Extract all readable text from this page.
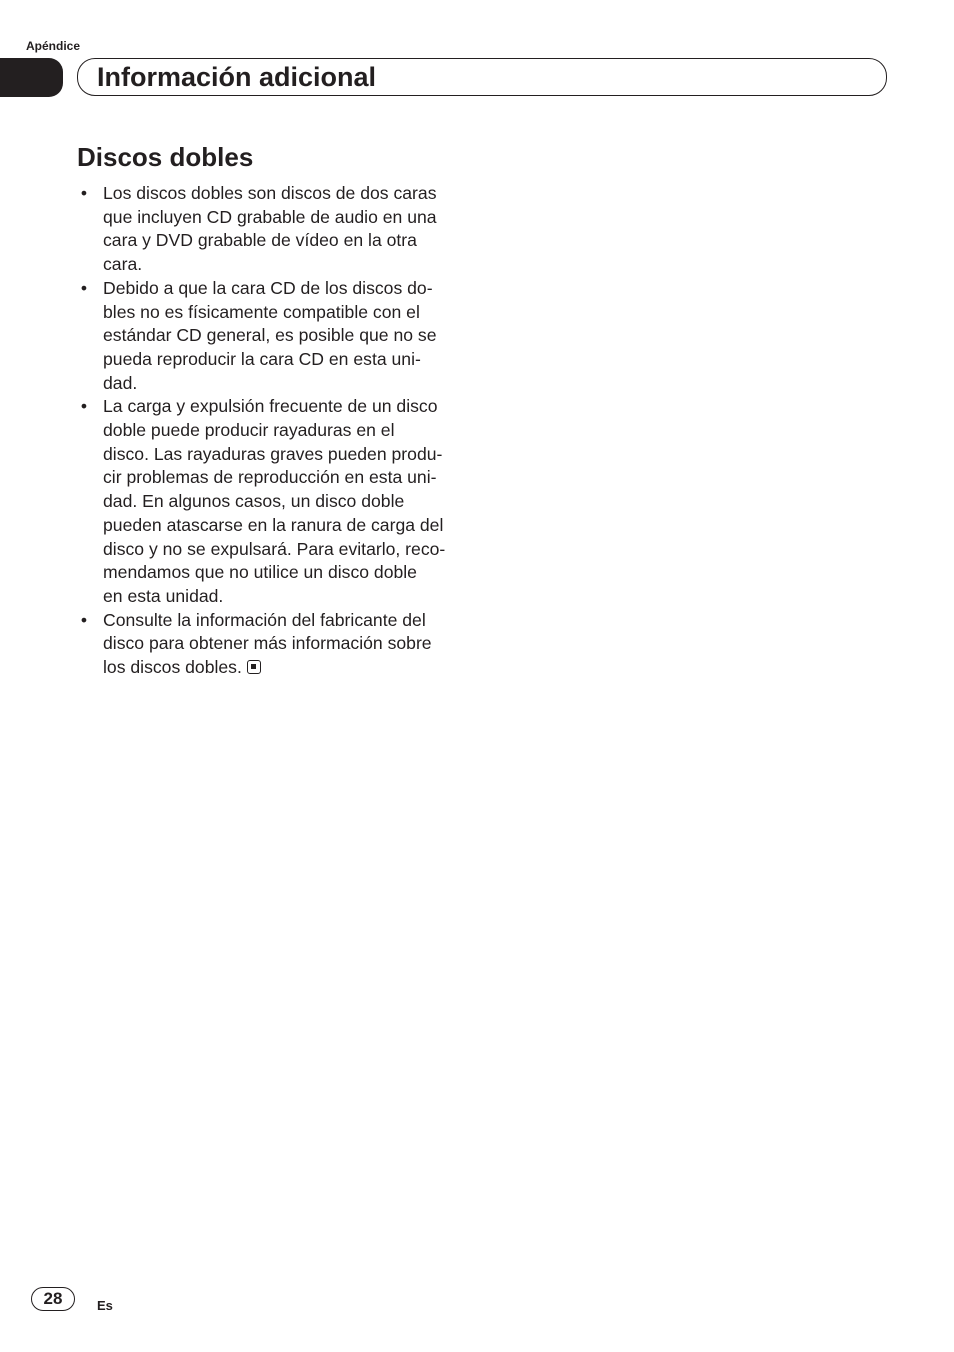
Apéndice
Información adicional
Discos dobles
• Los discos dobles son discos de dos caras
que incluyen CD grabable de audio en una
cara y DVD grabable de vídeo en la otra
cara.
• Debido a que la cara CD de los discos do-
bles no es físicamente compatible con el
estándar CD general, es posible que no se
pueda reproducir la cara CD en esta uni-
dad.
• La carga y expulsión frecuente de un disco
doble puede producir rayaduras en el
disco. Las rayaduras graves pueden produ-
cir problemas de reproducción en esta uni-
dad. En algunos casos, un disco doble
pueden atascarse en la ranura de carga del
disco y no se expulsará. Para evitarlo, reco-
mendamos que no utilice un disco doble
en esta unidad.
• Consulte la información del fabricante del
disco para obtener más información sobre
los discos dobles.
28	Es
